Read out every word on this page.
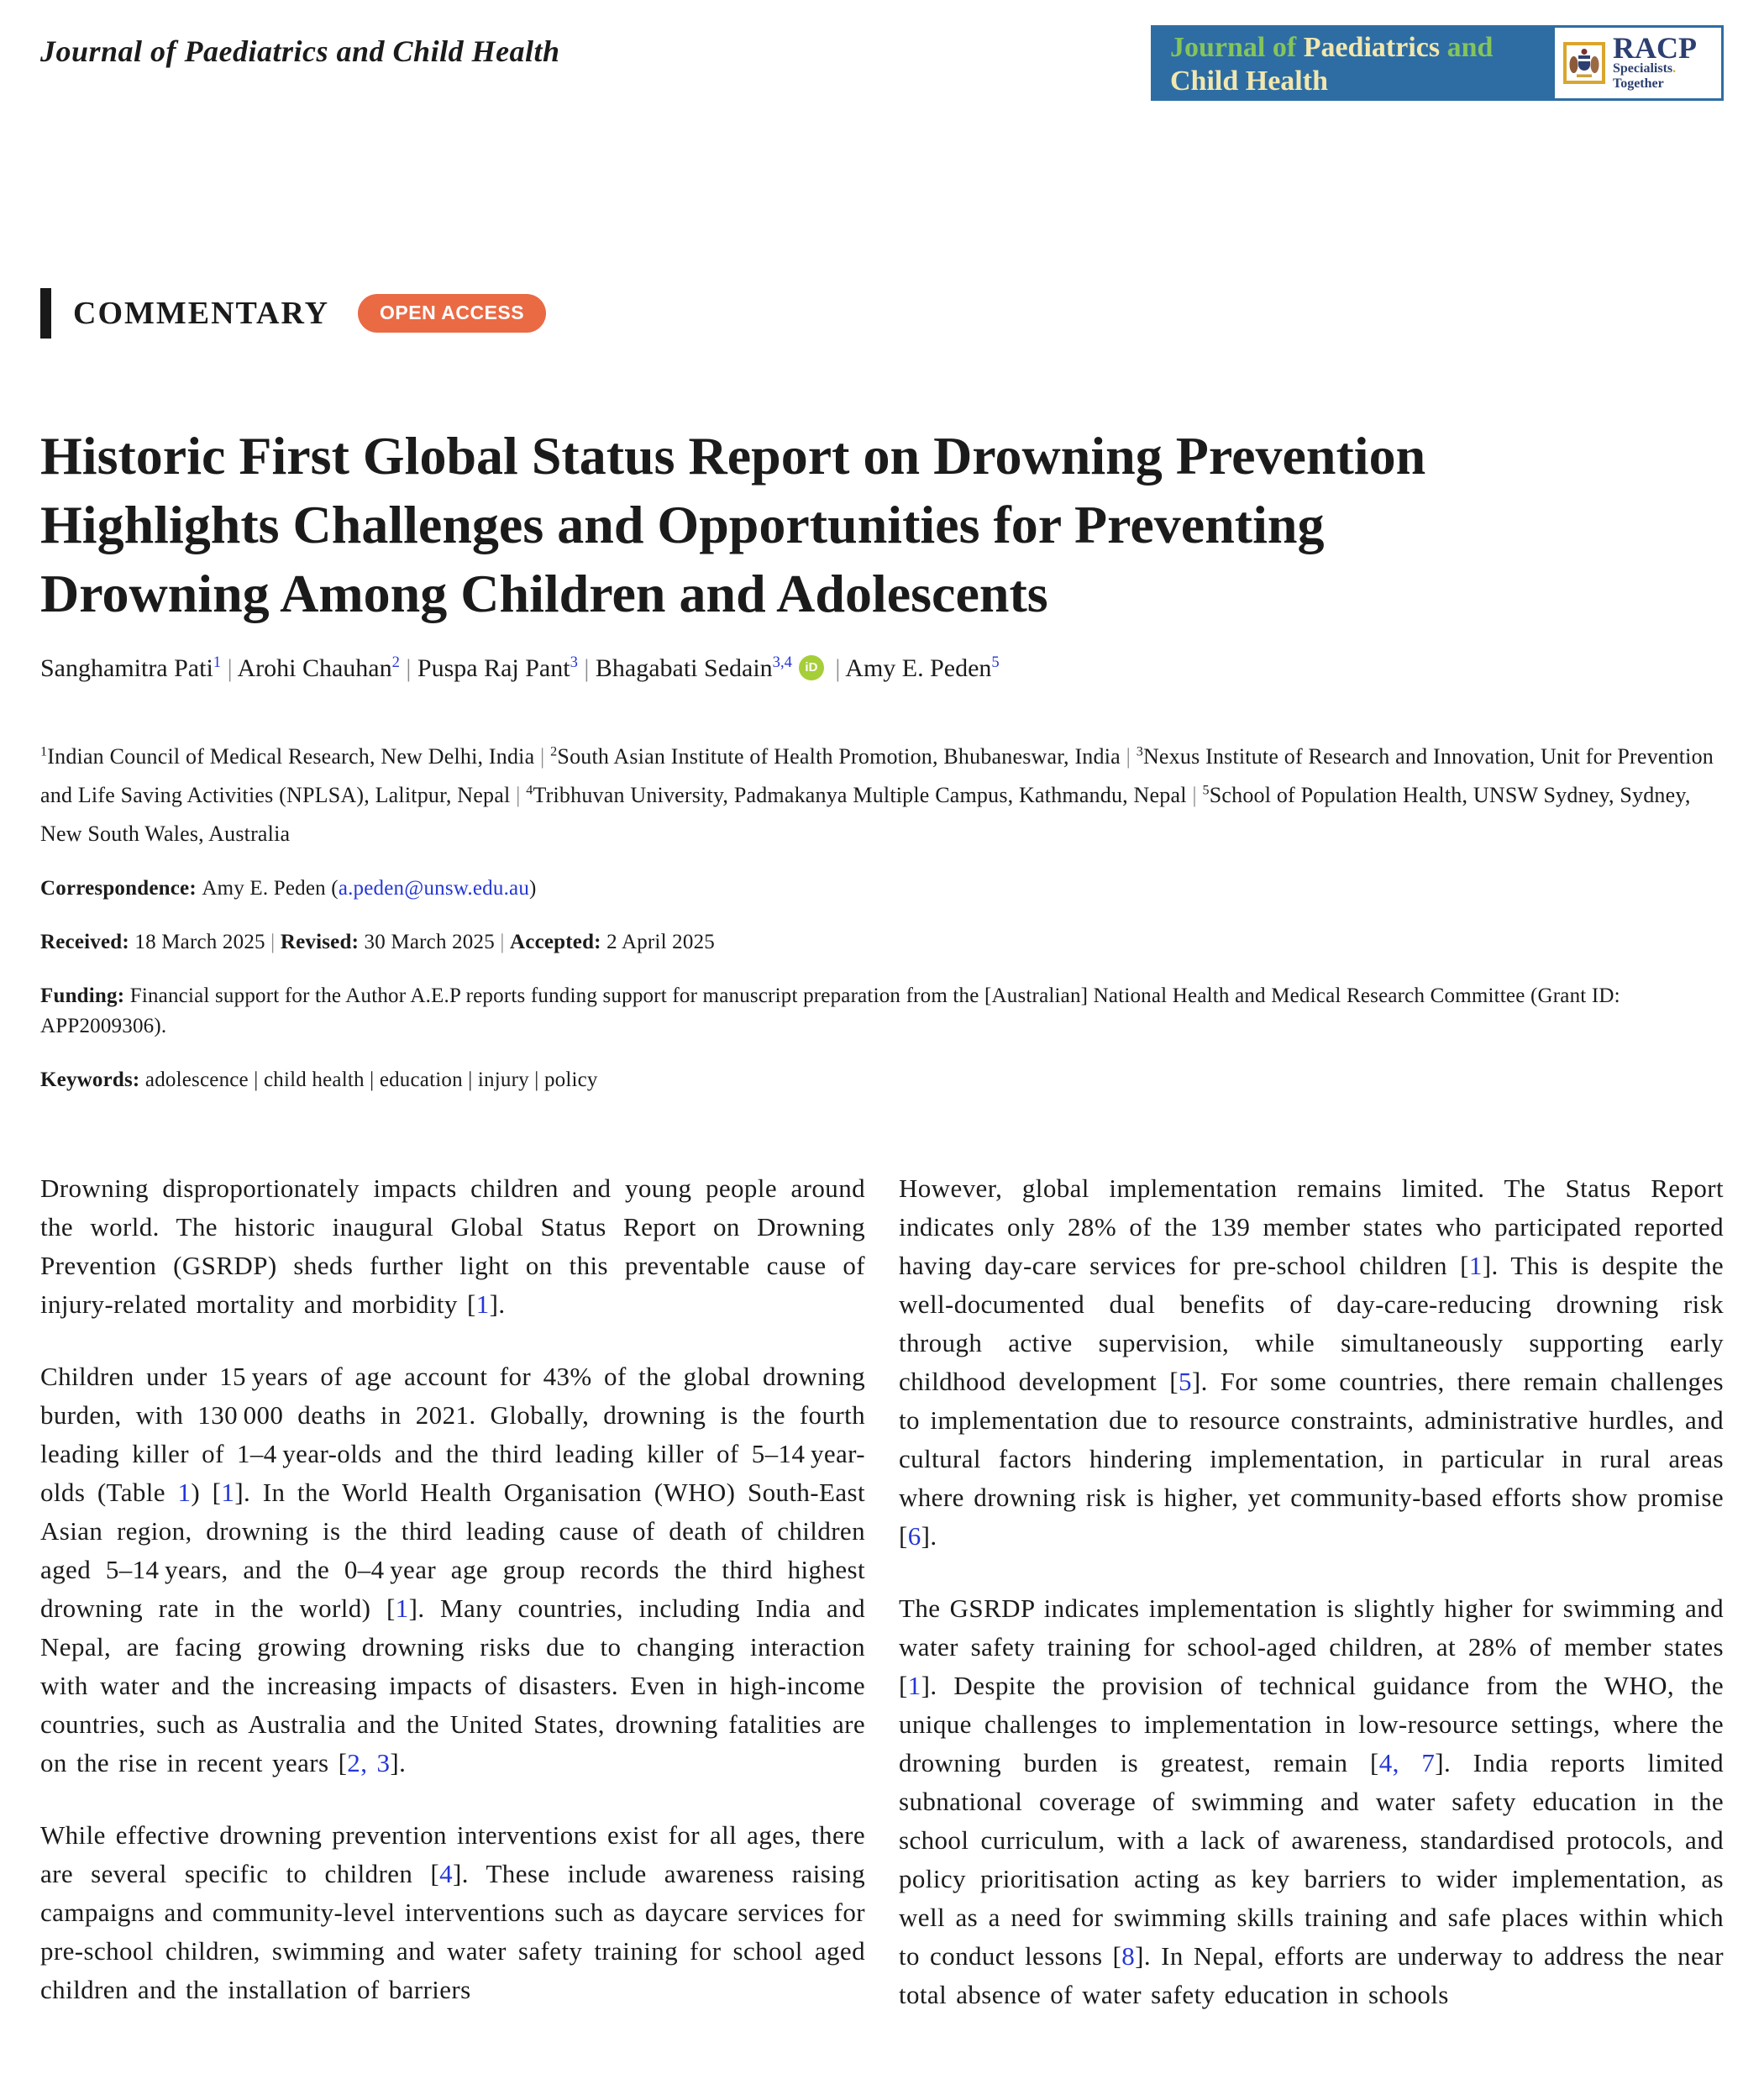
Journal of Paediatrics and Child Health	Journal of Paediatrics and
Child Health
RACP
Specialists. Together
COMMENTARY	OPEN ACCESS
Historic First Global Status Report on Drowning Prevention
Highlights Challenges and Opportunities for Preventing
Drowning Among Children and Adolescents
Sanghamitra Pati$^1$ | Arohi Chauhan$^2$ | Puspa Raj Pant$^3$ | Bhagabati Sedain$^{3,4}$ iD | Amy E. Peden$^5$
$^1$Indian Council of Medical Research, New Delhi, India | $^2$South Asian Institute of Health Promotion, Bhubaneswar, India | $^3$Nexus Institute of Research and Innovation, Unit for Prevention and Life Saving Activities (NPLSA), Lalitpur, Nepal | $^4$Tribhuvan University, Padmakanya Multiple Campus, Kathmandu, Nepal | $^5$School of Population Health, UNSW Sydney, Sydney, New South Wales, Australia
Correspondence: Amy E. Peden (a.peden@unsw.edu.au)
Received: 18 March 2025 | Revised: 30 March 2025 | Accepted: 2 April 2025
Funding: Financial support for the Author A.E.P reports funding support for manuscript preparation from the [Australian] National Health and Medical Research Committee (Grant ID: APP2009306).
Keywords: adolescence | child health | education | injury | policy

Drowning disproportionately impacts children and young people around the world. The historic inaugural Global Status Report on Drowning Prevention (GSRDP) sheds further light on this preventable cause of injury-related mortality and morbidity [1].

Children under 15 years of age account for 43% of the global drowning burden, with 130 000 deaths in 2021. Globally, drowning is the fourth leading killer of 1–4 year-olds and the third leading killer of 5–14 year-olds (Table 1) [1]. In the World Health Organisation (WHO) South-East Asian region, drowning is the third leading cause of death of children aged 5–14 years, and the 0–4 year age group records the third highest drowning rate in the world) [1]. Many countries, including India and Nepal, are facing growing drowning risks due to changing interaction with water and the increasing impacts of disasters. Even in high-income countries, such as Australia and the United States, drowning fatalities are on the rise in recent years [2, 3].

While effective drowning prevention interventions exist for all ages, there are several specific to children [4]. These include awareness raising campaigns and community-level interventions such as daycare services for pre-school children, swimming and water safety training for school aged children and the installation of barriers

However, global implementation remains limited. The Status Report indicates only 28% of the 139 member states who participated reported having day-care services for pre-school children [1]. This is despite the well-documented dual benefits of day-care-reducing drowning risk through active supervision, while simultaneously supporting early childhood development [5]. For some countries, there remain challenges to implementation due to resource constraints, administrative hurdles, and cultural factors hindering implementation, in particular in rural areas where drowning risk is higher, yet community-based efforts show promise [6].

The GSRDP indicates implementation is slightly higher for swimming and water safety training for school-aged children, at 28% of member states [1]. Despite the provision of technical guidance from the WHO, the unique challenges to implementation in low-resource settings, where the drowning burden is greatest, remain [4, 7]. India reports limited subnational coverage of swimming and water safety education in the school curriculum, with a lack of awareness, standardised protocols, and policy prioritisation acting as key barriers to wider implementation, as well as a need for swimming skills training and safe places within which to conduct lessons [8]. In Nepal, efforts are underway to address the near total absence of water safety education in schools
